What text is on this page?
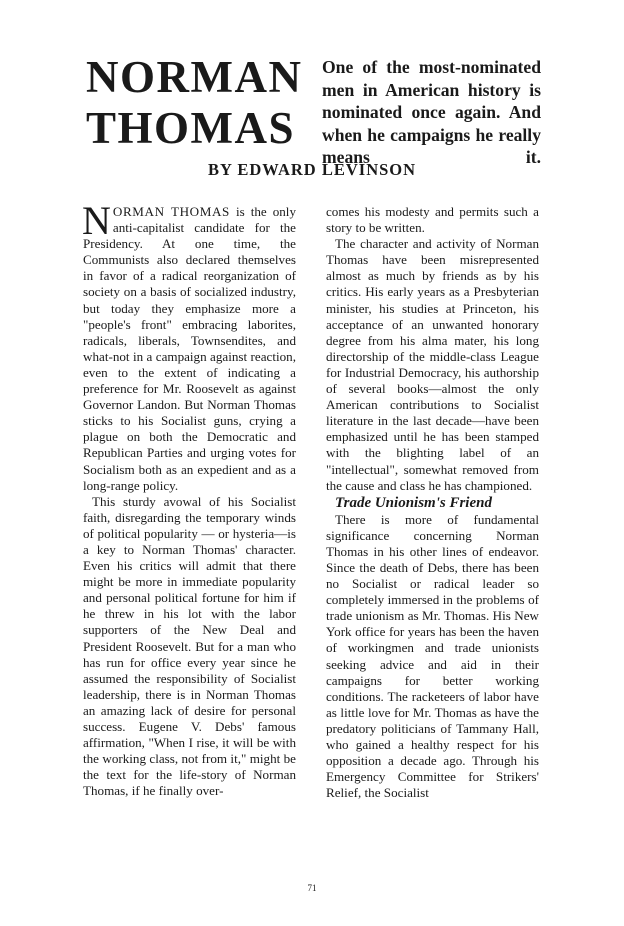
NORMAN
THOMAS

One of the most-nominated men in American history is nominated once again. And when he campaigns he really means it.

BY EDWARD LEVINSON

NORMAN THOMAS is the only anti-capitalist candidate for the Presidency. At one time, the Communists also declared themselves in favor of a radical reorganization of society on a basis of socialized industry, but today they emphasize more a "people's front" embracing laborites, radicals, liberals, Townsendites, and what-not in a campaign against reaction, even to the extent of indicating a preference for Mr. Roosevelt as against Governor Landon. But Norman Thomas sticks to his Socialist guns, crying a plague on both the Democratic and Republican Parties and urging votes for Socialism both as an expedient and as a long-range policy.

This sturdy avowal of his Socialist faith, disregarding the temporary winds of political popularity — or hysteria—is a key to Norman Thomas' character. Even his critics will admit that there might be more in immediate popularity and personal political fortune for him if he threw in his lot with the labor supporters of the New Deal and President Roosevelt. But for a man who has run for office every year since he assumed the responsibility of Socialist leadership, there is in Norman Thomas an amazing lack of desire for personal success. Eugene V. Debs' famous affirmation, "When I rise, it will be with the working class, not from it," might be the text for the life-story of Norman Thomas, if he finally over-

comes his modesty and permits such a story to be written.

The character and activity of Norman Thomas have been misrepresented almost as much by friends as by his critics. His early years as a Presbyterian minister, his studies at Princeton, his acceptance of an unwanted honorary degree from his alma mater, his long directorship of the middle-class League for Industrial Democracy, his authorship of several books—almost the only American contributions to Socialist literature in the last decade—have been emphasized until he has been stamped with the blighting label of an "intellectual", somewhat removed from the cause and class he has championed.

Trade Unionism's Friend

There is more of fundamental significance concerning Norman Thomas in his other lines of endeavor. Since the death of Debs, there has been no Socialist or radical leader so completely immersed in the problems of trade unionism as Mr. Thomas. His New York office for years has been the haven of workingmen and trade unionists seeking advice and aid in their campaigns for better working conditions. The racketeers of labor have as little love for Mr. Thomas as have the predatory politicians of Tammany Hall, who gained a healthy respect for his opposition a decade ago. Through his Emergency Committee for Strikers' Relief, the Socialist

71
